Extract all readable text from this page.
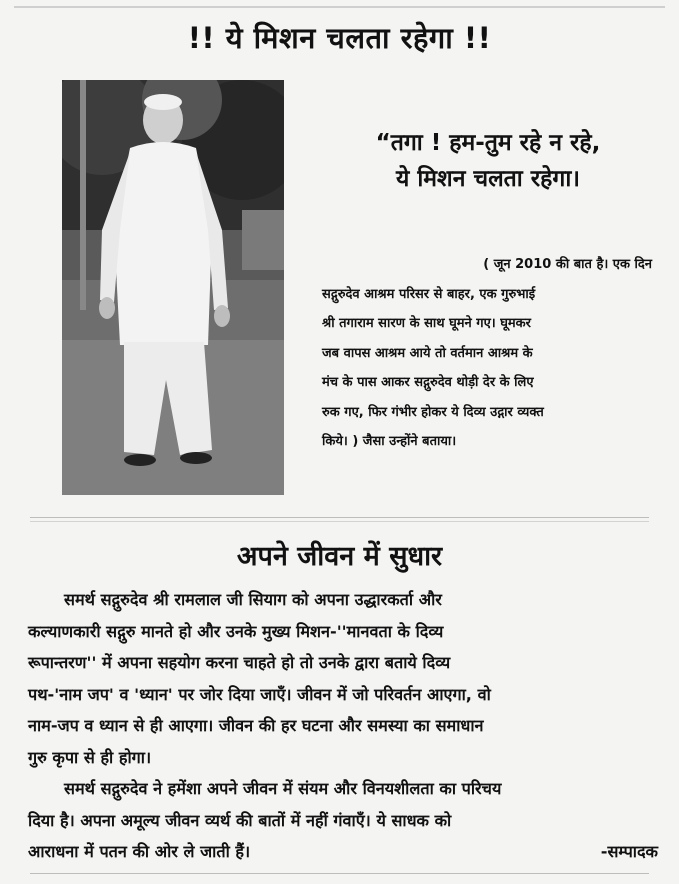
!! ये मिशन चलता रहेगा !!
“तगा ! हम-तुम रहे न रहे,
ये मिशन चलता रहेगा।
( जून 2010 की बात है। एक दिन
सद्गुरुदेव आश्रम परिसर से बाहर, एक गुरुभाई
श्री तगाराम सारण के साथ घूमने गए। घूमकर
जब वापस आश्रम आये तो वर्तमान आश्रम के
मंच के पास आकर सद्गुरुदेव थोड़ी देर के लिए
रुक गए, फिर गंभीर होकर ये दिव्य उद्गार व्यक्त
किये। ) जैसा उन्होंने बताया।
अपने जीवन में सुधार
समर्थ सद्गुरुदेव श्री रामलाल जी सियाग को अपना उद्धारकर्ता और
कल्याणकारी सद्गुरु मानते हो और उनके मुख्य मिशन-''मानवता के दिव्य
रूपान्तरण'' में अपना सहयोग करना चाहते हो तो उनके द्वारा बताये दिव्य
पथ-'नाम जप' व 'ध्यान' पर जोर दिया जाएँ। जीवन में जो परिवर्तन आएगा, वो
नाम-जप व ध्यान से ही आएगा। जीवन की हर घटना और समस्या का समाधान
गुरु कृपा से ही होगा।
समर्थ सद्गुरुदेव ने हमेंशा अपने जीवन में संयम और विनयशीलता का परिचय
दिया है। अपना अमूल्य जीवन व्यर्थ की बातों में नहीं गंवाएँ। ये साधक को
आराधना में पतन की ओर ले जाती हैं।	-सम्पादक
